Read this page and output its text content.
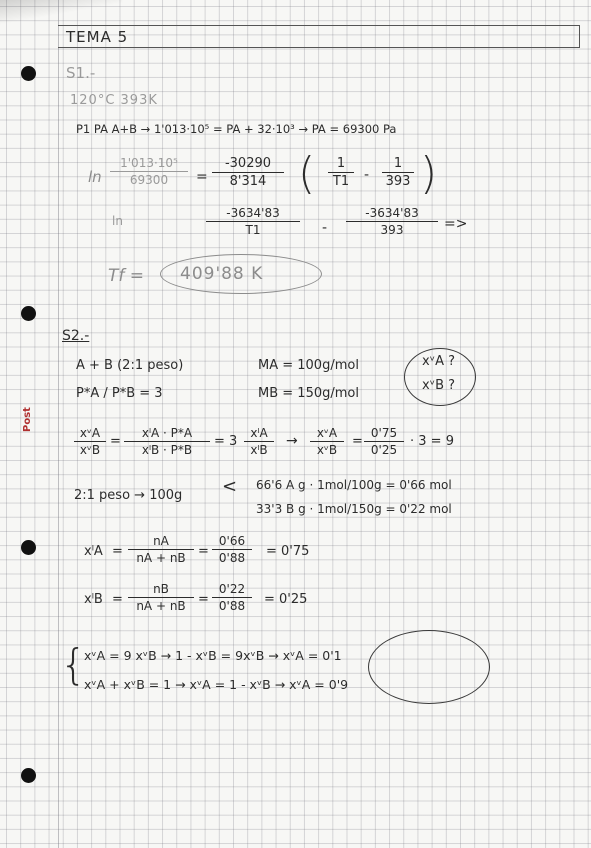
Post
TEMA 5
S1.-
120°C 393K
P1 PA A+B → 1'013·10⁵ = PA + 32·10³ → PA = 69300 Pa
ln
1'013·10⁵
69300	=
-30290
8'314 (	1
T1	-
1
393 )
ln
-3634'83
T1	-
-3634'83
393	=>
Tf = 409'88 K
S2.-
A + B (2:1 peso)	MA = 100g/mol
P*A / P*B = 3	MB = 150g/mol
xᵛA ?
xᵛB ?
xᵛA
xᵛB
=
xˡA · P*A
xˡB · P*B
= 3
xˡA
xˡB
→	xᵛA
xᵛB
=
0'75
0'25
· 3 = 9
2:1 peso → 100g < 66'6 A g · 1mol/100g = 0'66 mol
33'3 B g · 1mol/150g = 0'22 mol
xˡA =
nA
nA + nB =
0'66
0'88	= 0'75
xˡB =
nB
nA + nB =
0'22
0'88	= 0'25
{
xᵛA = 9 xᵛB → 1 - xᵛB = 9xᵛB → xᵛA = 0'1
xᵛA + xᵛB = 1 → xᵛA = 1 - xᵛB → xᵛA = 0'9
